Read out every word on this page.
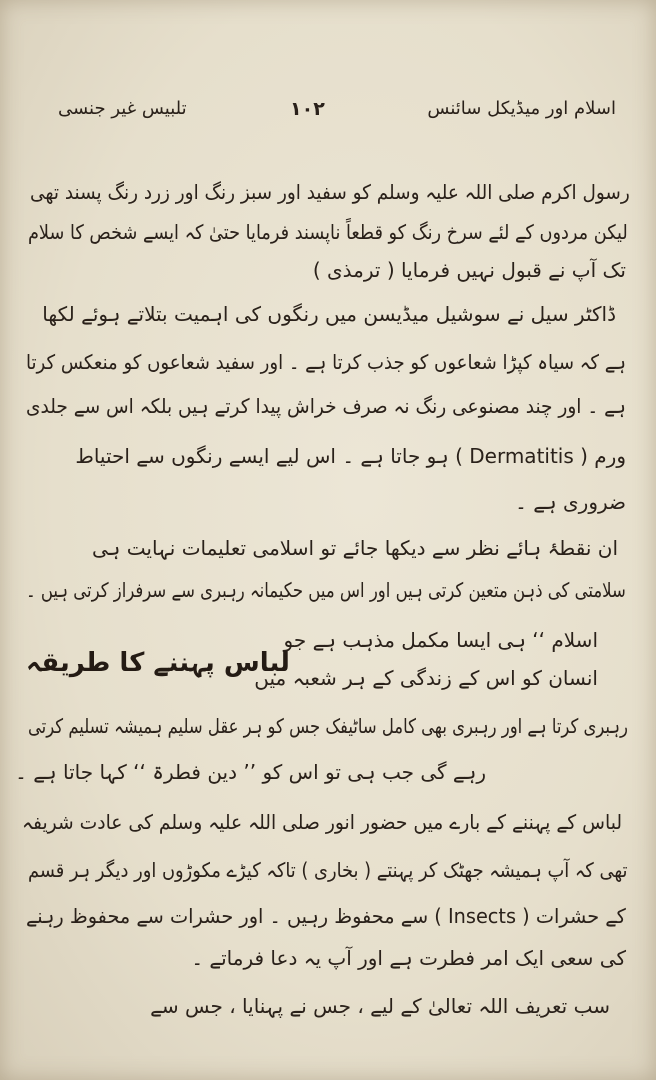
اسلام اور میڈیکل سائنس
۱۰۲
تلبیس غیر جنسی
رسول اکرم صلی اللہ علیہ وسلم کو سفید اور سبز رنگ اور زرد رنگ پسند تھی
لیکن مردوں کے لئے سرخ رنگ کو قطعاً ناپسند فرمایا حتیٰ کہ ایسے شخص کا سلام
تک آپ نے قبول نہیں فرمایا ( ترمذی )
ڈاکٹر سیل نے سوشیل میڈیسن میں رنگوں کی اہمیت بتلاتے ہوئے لکھا
ہے کہ سیاہ کپڑا شعاعوں کو جذب کرتا ہے ۔ اور سفید شعاعوں کو منعکس کرتا
ہے ۔ اور چند مصنوعی رنگ نہ صرف خراش پیدا کرتے ہیں بلکہ اس سے جلدی
ورم ( Dermatitis ) ہو جاتا ہے ۔ اس لیے ایسے رنگوں سے احتیاط
ضروری ہے ۔
ان نقطۂ ہائے نظر سے دیکھا جائے تو اسلامی تعلیمات نہایت ہی
سلامتی کی ذہن متعین کرتی ہیں اور اس میں حکیمانہ رہبری سے سرفراز کرتی ہیں ۔
اسلام ‘‘ ہی ایسا مکمل مذہب ہے جو
لباس پہننے کا طریقہ
انسان کو اس کے زندگی کے ہر شعبہ میں
رہبری کرتا ہے اور رہبری بھی کامل ساٹیفک جس کو ہر عقل سلیم ہمیشہ تسلیم کرتی
رہے گی جب ہی تو اس کو ’’ دین فطرۃ ‘‘ کہا جاتا ہے ۔
لباس کے پہننے کے بارے میں حضور انور صلی اللہ علیہ وسلم کی عادت شریفہ
تھی کہ آپ ہمیشہ جھٹک کر پہنتے ( بخاری ) تاکہ کیڑے مکوڑوں اور دیگر ہر قسم
کے حشرات ( Insects ) سے محفوظ رہیں ۔ اور حشرات سے محفوظ رہنے
کی سعی ایک امر فطرت ہے اور آپ یہ دعا فرماتے ۔
سب تعریف اللہ تعالیٰ کے لیے ، جس نے پہنایا ، جس سے
